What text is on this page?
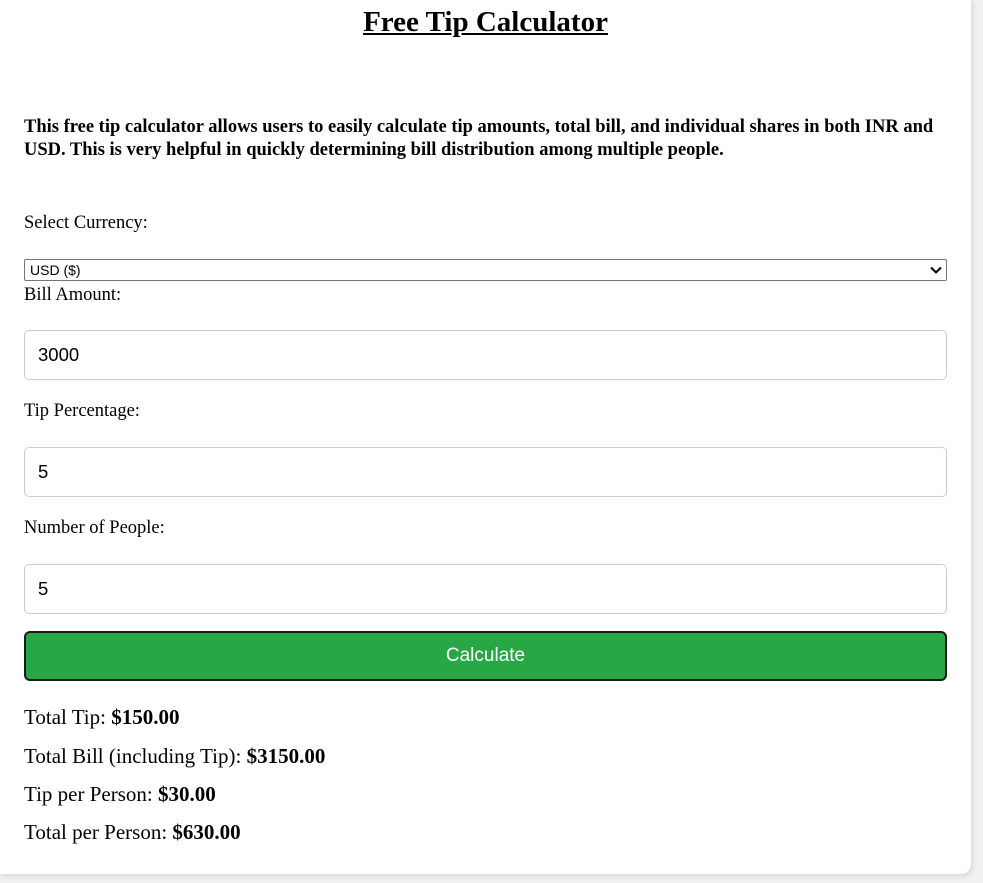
Free Tip Calculator

This free tip calculator allows users to easily calculate tip amounts, total bill, and individual shares in both INR and USD. This is very helpful in quickly determining bill distribution among multiple people.

Select Currency:
USD ($)
Bill Amount:
3000
Tip Percentage:
5
Number of People:
5
Calculate
Total Tip: $150.00
Total Bill (including Tip): $3150.00
Tip per Person: $30.00
Total per Person: $630.00
